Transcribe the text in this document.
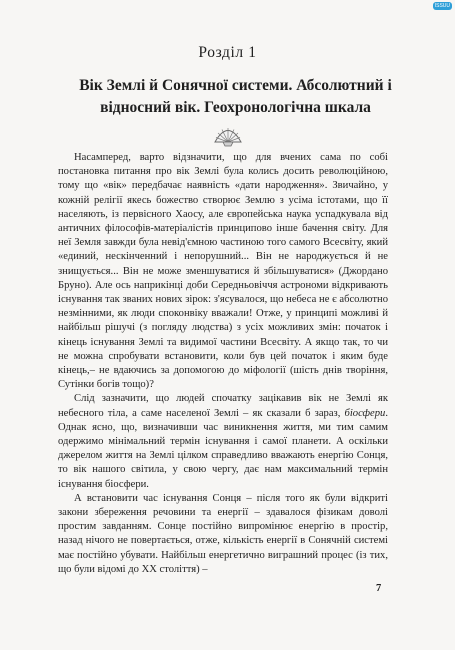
ISSUU
Розділ 1
Вік Землі й Сонячної системи. Абсолютний і відносний вік. Геохронологічна шкала

Насамперед, варто відзначити, що для вчених сама по собі постановка питання про вік Землі була колись досить революційною, тому що «вік» передбачає наявність «дати народження». Звичайно, у кожній релігії якесь божество створює Землю з усіма істотами, що її населяють, із первісного Хаосу, але європейська наука успадкувала від античних філософів-матеріалістів принципово інше бачення світу. Для неї Земля завжди була невід'ємною частиною того самого Всесвіту, який «единий, нескінченний і непорушний... Він не народжується й не знищується... Він не може зменшуватися й збільшуватися» (Джордано Бруно). Але ось наприкінці доби Середньовіччя астрономи відкривають існування так званих нових зірок: з'ясувалося, що небеса не є абсолютно незмінними, як люди споконвіку вважали! Отже, у принципі можливі й найбільш рішучі (з погляду людства) з усіх можливих змін: початок і кінець існування Землі та видимої частини Всесвіту. А якщо так, то чи не можна спробувати встановити, коли був цей початок і яким буде кінець,– не вдаючись за допомогою до міфології (шість днів творіння, Сутінки богів тощо)?

Слід зазначити, що людей спочатку зацікавив вік не Землі як небесного тіла, а саме населеної Землі – як сказали б зараз, біосфери. Однак ясно, що, визначивши час виникнення життя, ми тим самим одержимо мінімальний термін існування і самої планети. А оскільки джерелом життя на Землі цілком справедливо вважають енергію Сонця, то вік нашого світила, у свою чергу, дає нам максимальний термін існування біосфери.

А встановити час існування Сонця – після того як були відкриті закони збереження речовини та енергії – здавалося фізикам доволі простим завданням. Сонце постійно випромінює енергію в простір, назад нічого не повертається, отже, кількість енергії в Сонячній системі має постійно убувати. Найбільш енергетично виграшний процес (із тих, що були відомі до XX століття) –

7
